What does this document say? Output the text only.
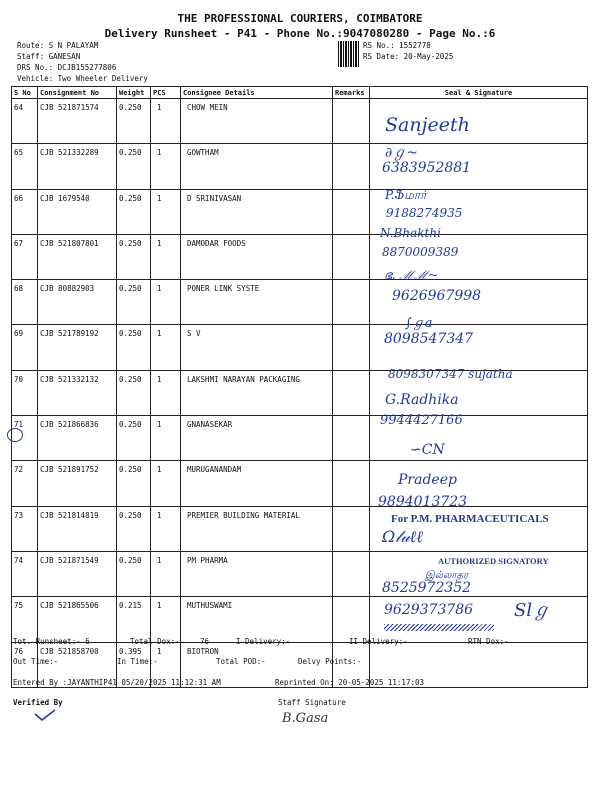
THE PROFESSIONAL COURIERS, COIMBATORE
Delivery Runsheet - P41 - Phone No.:9047080280 - Page No.:6
Route: S N PALAYAM
Staff: GANESAN
DRS No.: DCJB155277806
Vehicle: Two Wheeler Delivery
RS No.: 1552778
RS Date: 20-May-2025
S No	Consignment No	Weight	PCS	Consignee Details	Remarks	Seal & Signature
64	CJB 521871574	0.250	1	CHOW MEIN		
65	CJB 521332289	0.250	1	GOWTHAM		
66	CJB 1679540	0.250	1	D SRINIVASAN		
67	CJB 521807801	0.250	1	DAMODAR FOODS		
68	CJB 80882903	0.250	1	PONER LINK SYSTE		
69	CJB 521789192	0.250	1	S V		
70	CJB 521332132	0.250	1	LAKSHMI NARAYAN PACKAGING		
71	CJB 521866836	0.250	1	GNANASEKAR		
72	CJB 521891752	0.250	1	MURUGANANDAM		
73	CJB 521814819	0.250	1	PREMIER BUILDING MATERIAL		
74	CJB 521871549	0.250	1	PM PHARMA		
75	CJB 521865506	0.215	1	MUTHUSWAMI		
76	CJB 521858700	0.395	1	BIOTRON		
Sanjeeth
∂ℊ~
6383952881
P.Ֆமார்
9188274935
N.Bhakthi
8870009389
ഭ. ℳℳ~
9626967998
∫ℊa
8098547347
8098307347 sujatha
G.Radhika
9944427166
∽CN
Pradeep
9894013723
For P.M. PHARMACEUTICALS
Ω𝓁𝓊ℓℓ
AUTHORIZED SIGNATORY
இல்லாதர
8525972352
9629373786 Slℊ
Tot. Runsheet:- 6	Total Dox:-	76	I Delivery:-	II Delivery:-	RTN Dox:-
Out Time:-	In Time:-	Total POD:-	Delvy Points:-
Entered By :JAYANTHIP41 05/20/2025 11:12:31 AM	Reprinted On: 20-05-2025 11:17:03
Verified By	Staff Signature
B.Gasa
